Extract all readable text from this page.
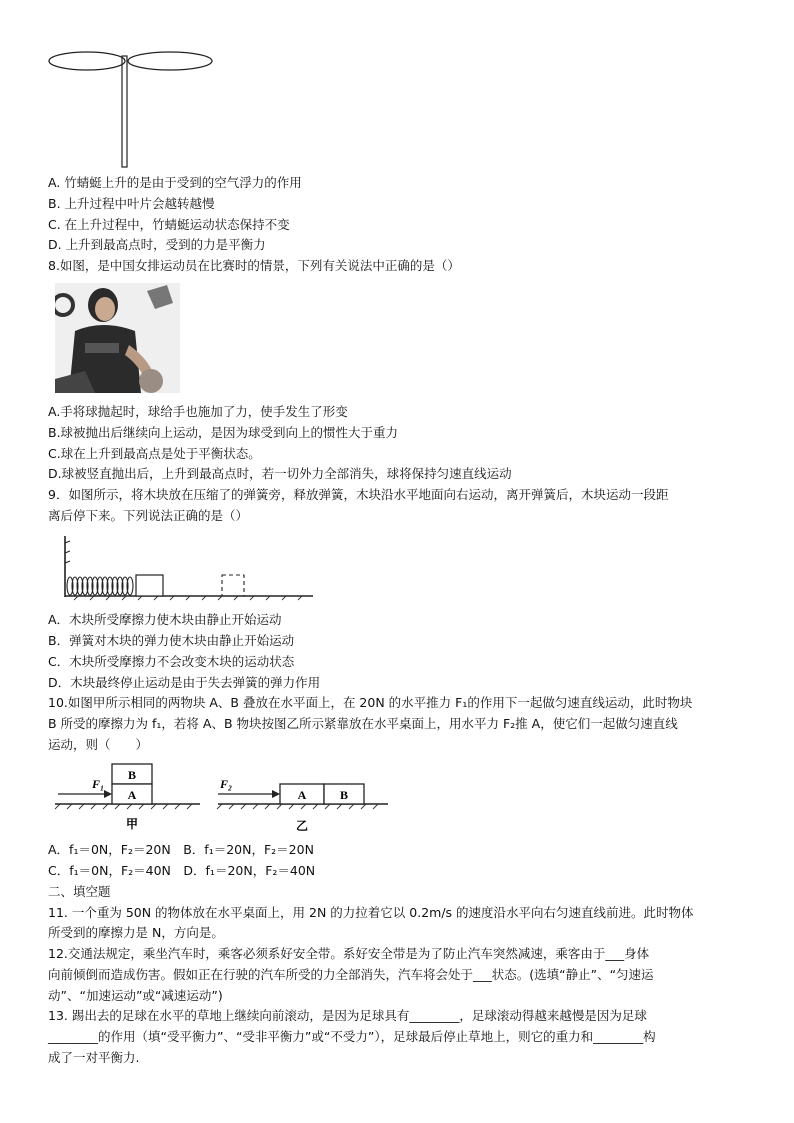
A. 竹蜻蜓上升的是由于受到的空气浮力的作用
B. 上升过程中叶片会越转越慢
C. 在上升过程中，竹蜻蜓运动状态保持不变
D. 上升到最高点时，受到的力是平衡力
8.如图，是中国女排运动员在比赛时的情景，下列有关说法中正确的是（）
A.手将球抛起时，球给手也施加了力，使手发生了形变
B.球被抛出后继续向上运动，是因为球受到向上的惯性大于重力
C.球在上升到最高点是处于平衡状态。
D.球被竖直抛出后，上升到最高点时，若一切外力全部消失，球将保持匀速直线运动
9．如图所示，将木块放在压缩了的弹簧旁，释放弹簧，木块沿水平地面向右运动，离开弹簧后，木块运动一段距
离后停下来。下列说法正确的是（）
A．木块所受摩擦力使木块由静止开始运动
B．弹簧对木块的弹力使木块由静止开始运动
C．木块所受摩擦力不会改变木块的运动状态
D．木块最终停止运动是由于失去弹簧的弹力作用
10.如图甲所示相同的两物块 A、B 叠放在水平面上，在 20N 的水平推力 F₁的作用下一起做匀速直线运动，此时物块
B 所受的摩擦力为 f₁，若将 A、B 物块按图乙所示紧靠放在水平桌面上，用水平力 F₂推 A，使它们一起做匀速直线
运动，则（　　）
B
A
F₁
甲
A	B
F₂
乙
A．f₁＝0N，F₂＝20N　B．f₁＝20N，F₂＝20N
C．f₁＝0N，F₂＝40N　D．f₁＝20N，F₂＝40N
二、填空题
11. 一个重为 50N 的物体放在水平桌面上，用 2N 的力拉着它以 0.2m/s 的速度沿水平向右匀速直线前进。此时物体
所受到的摩擦力是 N，方向是。
12.交通法规定，乘坐汽车时，乘客必须系好安全带。系好安全带是为了防止汽车突然减速，乘客由于___身体
向前倾倒而造成伤害。假如正在行驶的汽车所受的力全部消失，汽车将会处于___状态。(选填“静止”、“匀速运
动”、“加速运动”或“减速运动”)
13. 踢出去的足球在水平的草地上继续向前滚动，是因为足球具有________，足球滚动得越来越慢是因为足球
________的作用（填“受平衡力”、“受非平衡力”或“不受力”），足球最后停止草地上，则它的重力和________构
成了一对平衡力.
